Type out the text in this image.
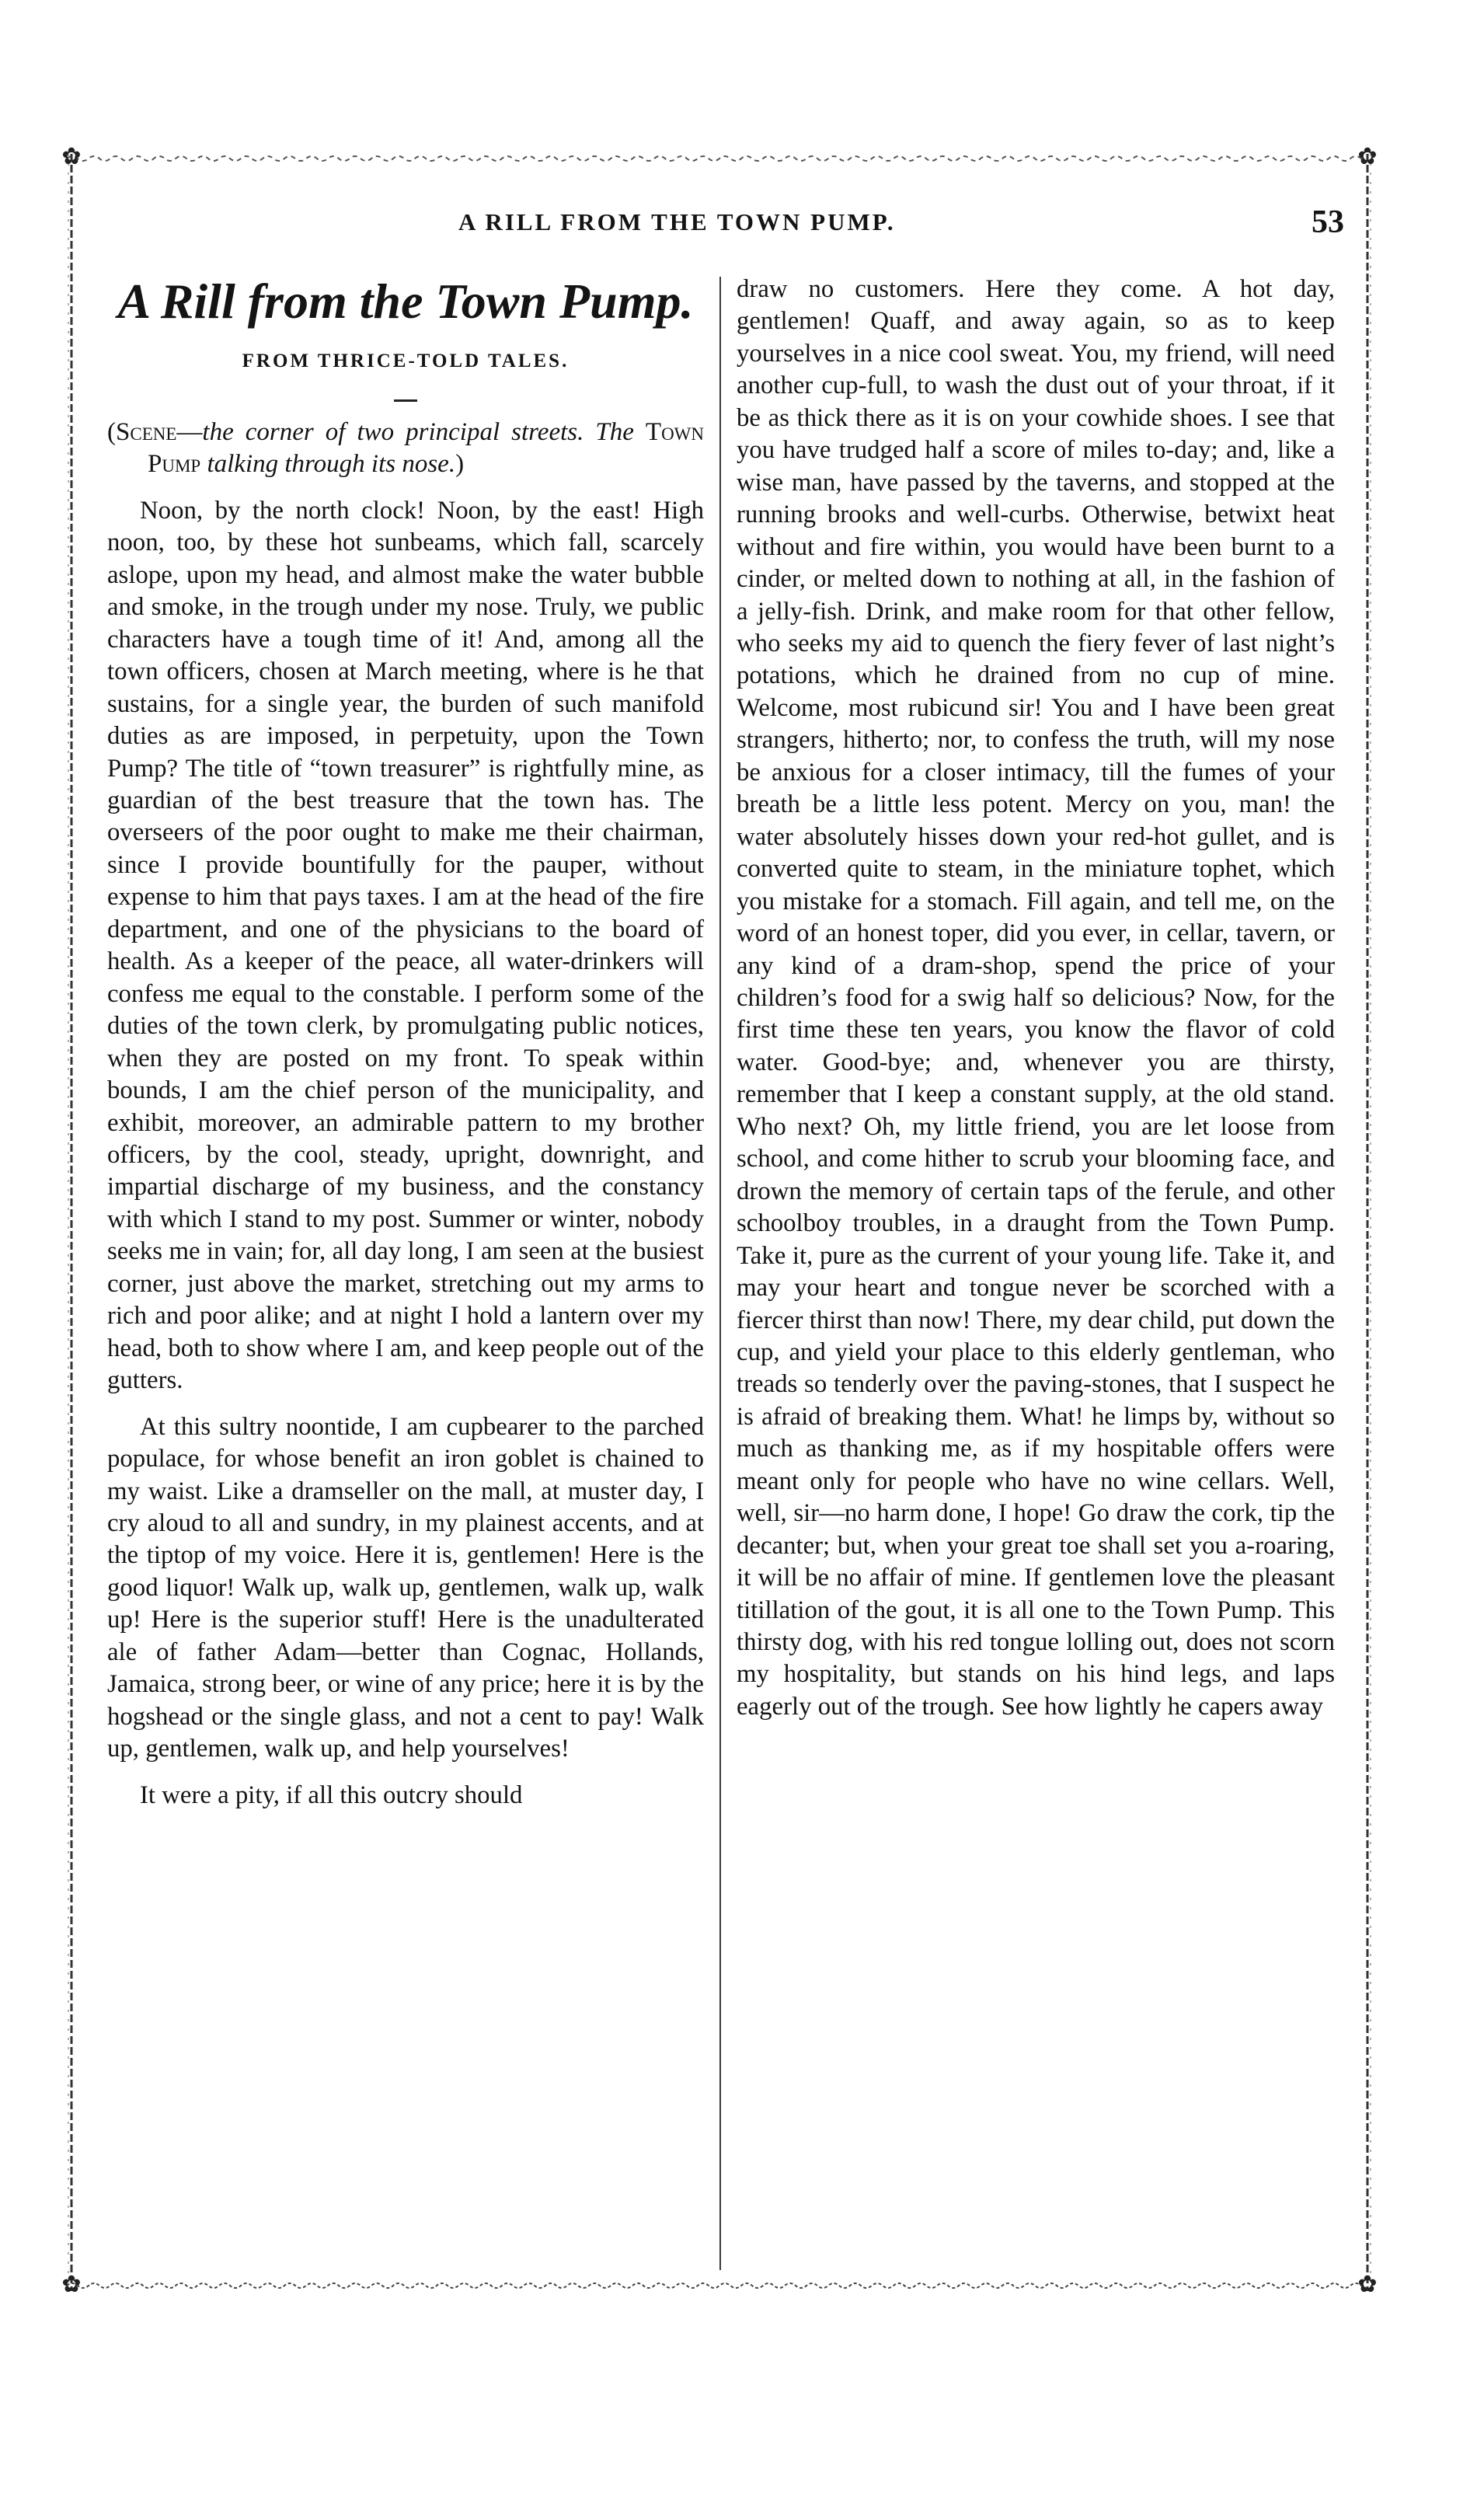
✿	✿
✿	✿
A RILL FROM THE TOWN PUMP.	53
A Rill from the Town Pump.
FROM THRICE-TOLD TALES.

(Scene—the corner of two principal streets. The Town Pump talking through its nose.)

Noon, by the north clock! Noon, by the east! High noon, too, by these hot sunbeams, which fall, scarcely aslope, upon my head, and almost make the water bubble and smoke, in the trough under my nose. Truly, we public characters have a tough time of it! And, among all the town officers, chosen at March meeting, where is he that sustains, for a single year, the burden of such manifold duties as are imposed, in perpetuity, upon the Town Pump? The title of “town treasurer” is rightfully mine, as guardian of the best treasure that the town has. The overseers of the poor ought to make me their chairman, since I provide bountifully for the pauper, without expense to him that pays taxes. I am at the head of the fire department, and one of the physicians to the board of health. As a keeper of the peace, all water-drinkers will confess me equal to the constable. I perform some of the duties of the town clerk, by promulgating public notices, when they are posted on my front. To speak within bounds, I am the chief person of the municipality, and exhibit, moreover, an admirable pattern to my brother officers, by the cool, steady, upright, downright, and impartial discharge of my business, and the constancy with which I stand to my post. Summer or winter, nobody seeks me in vain; for, all day long, I am seen at the busiest corner, just above the market, stretching out my arms to rich and poor alike; and at night I hold a lantern over my head, both to show where I am, and keep people out of the gutters.

At this sultry noontide, I am cupbearer to the parched populace, for whose benefit an iron goblet is chained to my waist. Like a dramseller on the mall, at muster day, I cry aloud to all and sundry, in my plainest accents, and at the tiptop of my voice. Here it is, gentlemen! Here is the good liquor! Walk up, walk up, gentlemen, walk up, walk up! Here is the superior stuff! Here is the unadulterated ale of father Adam—better than Cognac, Hollands, Jamaica, strong beer, or wine of any price; here it is by the hogshead or the single glass, and not a cent to pay! Walk up, gentlemen, walk up, and help yourselves!

It were a pity, if all this outcry should

draw no customers. Here they come. A hot day, gentlemen! Quaff, and away again, so as to keep yourselves in a nice cool sweat. You, my friend, will need another cup-full, to wash the dust out of your throat, if it be as thick there as it is on your cowhide shoes. I see that you have trudged half a score of miles to-day; and, like a wise man, have passed by the taverns, and stopped at the running brooks and well-curbs. Otherwise, betwixt heat without and fire within, you would have been burnt to a cinder, or melted down to nothing at all, in the fashion of a jelly-fish. Drink, and make room for that other fellow, who seeks my aid to quench the fiery fever of last night’s potations, which he drained from no cup of mine. Welcome, most rubicund sir! You and I have been great strangers, hitherto; nor, to confess the truth, will my nose be anxious for a closer intimacy, till the fumes of your breath be a little less potent. Mercy on you, man! the water absolutely hisses down your red-hot gullet, and is converted quite to steam, in the miniature tophet, which you mistake for a stomach. Fill again, and tell me, on the word of an honest toper, did you ever, in cellar, tavern, or any kind of a dram-shop, spend the price of your children’s food for a swig half so delicious? Now, for the first time these ten years, you know the flavor of cold water. Good-bye; and, whenever you are thirsty, remember that I keep a constant supply, at the old stand. Who next? Oh, my little friend, you are let loose from school, and come hither to scrub your blooming face, and drown the memory of certain taps of the ferule, and other schoolboy troubles, in a draught from the Town Pump. Take it, pure as the current of your young life. Take it, and may your heart and tongue never be scorched with a fiercer thirst than now! There, my dear child, put down the cup, and yield your place to this elderly gentleman, who treads so tenderly over the paving-stones, that I suspect he is afraid of breaking them. What! he limps by, without so much as thanking me, as if my hospitable offers were meant only for people who have no wine cellars. Well, well, sir—no harm done, I hope! Go draw the cork, tip the decanter; but, when your great toe shall set you a-roaring, it will be no affair of mine. If gentlemen love the pleasant titillation of the gout, it is all one to the Town Pump. This thirsty dog, with his red tongue lolling out, does not scorn my hospitality, but stands on his hind legs, and laps eagerly out of the trough. See how lightly he capers away
